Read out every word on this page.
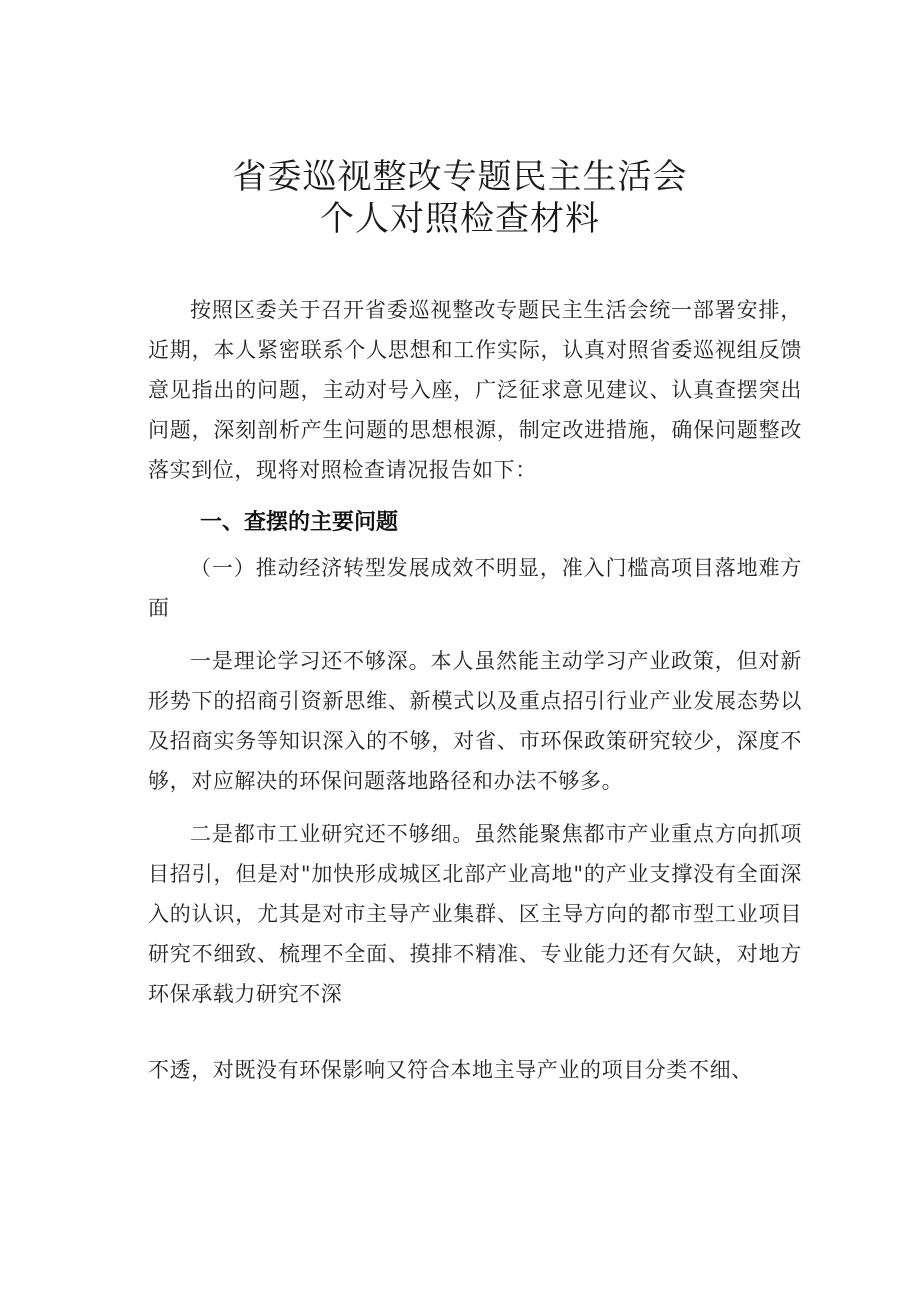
省委巡视整改专题民主生活会
个人对照检查材料

按照区委关于召开省委巡视整改专题民主生活会统一部署安排，近期，本人紧密联系个人思想和工作实际，认真对照省委巡视组反馈意见指出的问题，主动对号入座，广泛征求意见建议、认真查摆突出问题，深刻剖析产生问题的思想根源，制定改进措施，确保问题整改落实到位，现将对照检查请况报告如下：

一、查摆的主要问题

（一）推动经济转型发展成效不明显，准入门槛高项目落地难方面

一是理论学习还不够深。本人虽然能主动学习产业政策，但对新形势下的招商引资新思维、新模式以及重点招引行业产业发展态势以及招商实务等知识深入的不够，对省、市环保政策研究较少，深度不够，对应解决的环保问题落地路径和办法不够多。

二是都市工业研究还不够细。虽然能聚焦都市产业重点方向抓项目招引，但是对"加快形成城区北部产业高地"的产业支撑没有全面深入的认识，尤其是对市主导产业集群、区主导方向的都市型工业项目研究不细致、梳理不全面、摸排不精准、专业能力还有欠缺，对地方环保承载力研究不深

不透，对既没有环保影响又符合本地主导产业的项目分类不细、
